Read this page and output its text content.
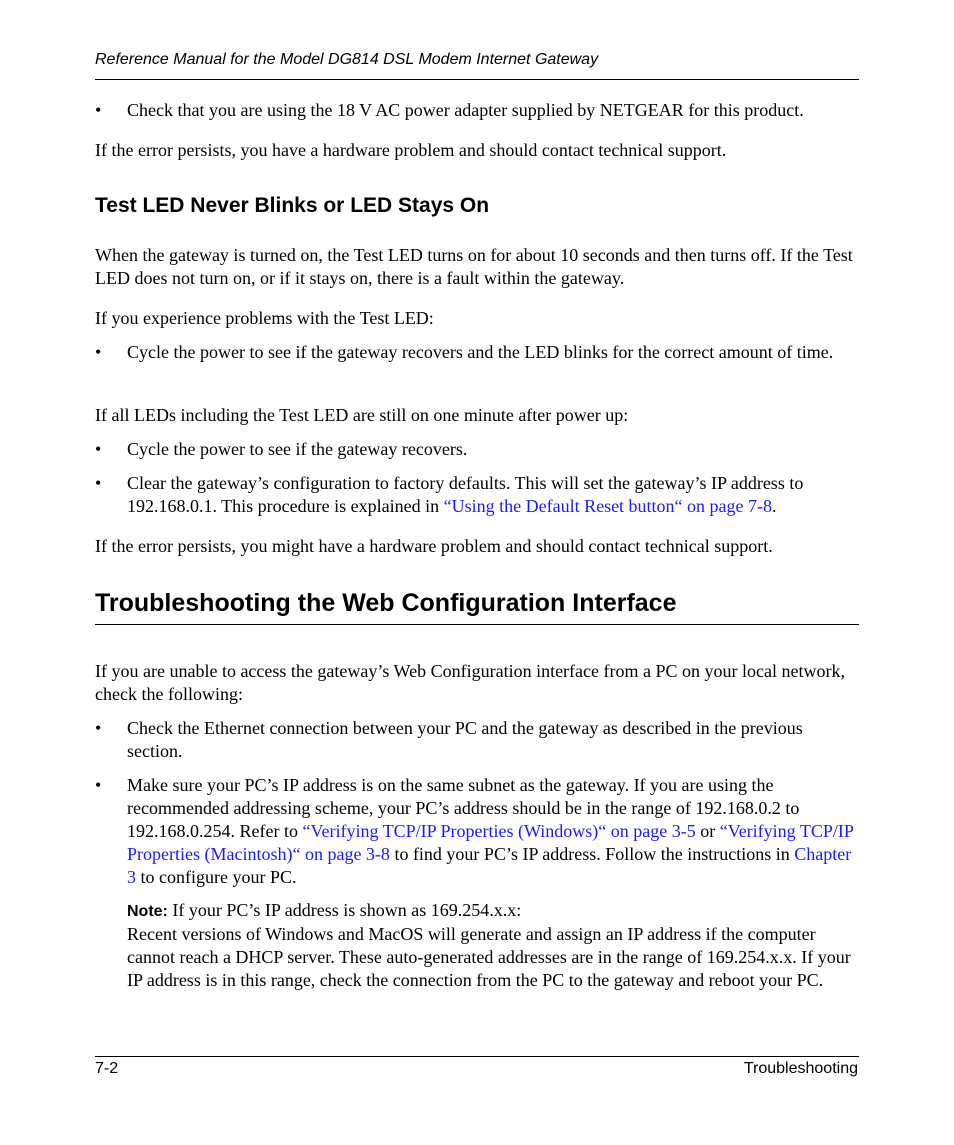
Reference Manual for the Model DG814 DSL Modem Internet Gateway
• Check that you are using the 18 V AC power adapter supplied by NETGEAR for this product.

If the error persists, you have a hardware problem and should contact technical support.

Test LED Never Blinks or LED Stays On

When the gateway is turned on, the Test LED turns on for about 10 seconds and then turns off. If the Test LED does not turn on, or if it stays on, there is a fault within the gateway.

If you experience problems with the Test LED:

• Cycle the power to see if the gateway recovers and the LED blinks for the correct amount of time.

If all LEDs including the Test LED are still on one minute after power up:

• Cycle the power to see if the gateway recovers.
• Clear the gateway’s configuration to factory defaults. This will set the gateway’s IP address to 192.168.0.1. This procedure is explained in “Using the Default Reset button“ on page 7-8.

If the error persists, you might have a hardware problem and should contact technical support.

Troubleshooting the Web Configuration Interface

If you are unable to access the gateway’s Web Configuration interface from a PC on your local network, check the following:

• Check the Ethernet connection between your PC and the gateway as described in the previous section.
• Make sure your PC’s IP address is on the same subnet as the gateway. If you are using the recommended addressing scheme, your PC’s address should be in the range of 192.168.0.2 to 192.168.0.254. Refer to “Verifying TCP/IP Properties (Windows)“ on page 3-5 or “Verifying TCP/IP Properties (Macintosh)“ on page 3-8 to find your PC’s IP address. Follow the instructions in Chapter 3 to configure your PC.
Note: If your PC’s IP address is shown as 169.254.x.x:
Recent versions of Windows and MacOS will generate and assign an IP address if the computer cannot reach a DHCP server. These auto-generated addresses are in the range of 169.254.x.x. If your IP address is in this range, check the connection from the PC to the gateway and reboot your PC.
7-2	Troubleshooting
